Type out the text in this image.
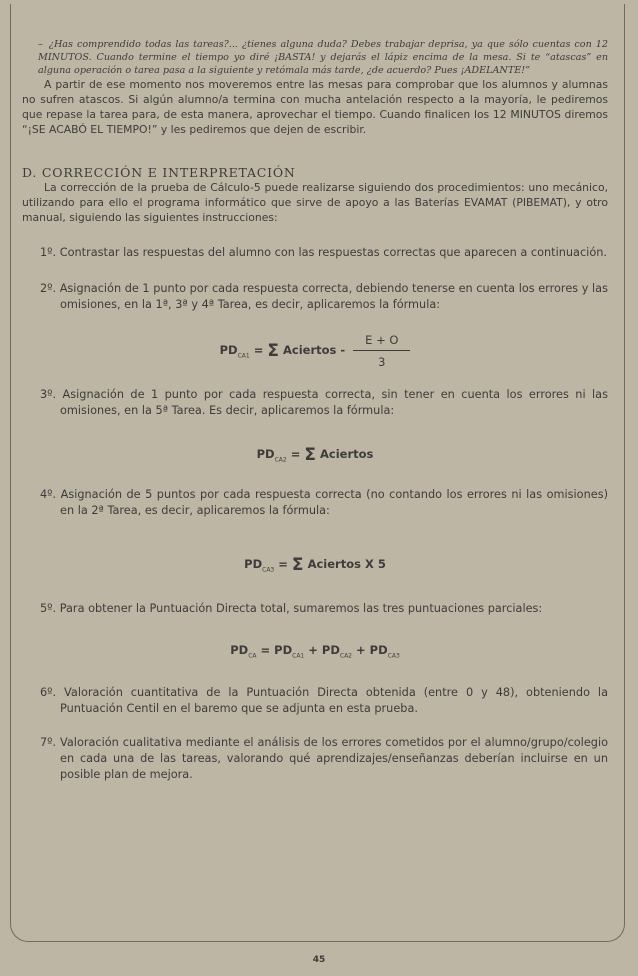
– ¿Has comprendido todas las tareas?... ¿tienes alguna duda? Debes trabajar deprisa, ya que sólo cuentas con 12 MINUTOS. Cuando termine el tiempo yo diré ¡BASTA! y dejarás el lápiz encima de la mesa. Si te “atascas” en alguna operación o tarea pasa a la siguiente y retómala más tarde, ¿de acuerdo? Pues ¡ADELANTE!”

A partir de ese momento nos moveremos entre las mesas para comprobar que los alumnos y alumnas no sufren atascos. Si algún alumno/a termina con mucha antelación respecto a la mayoría, le pediremos que repase la tarea para, de esta manera, aprovechar el tiempo. Cuando finalicen los 12 MINUTOS diremos “¡SE ACABÓ EL TIEMPO!” y les pediremos que dejen de escribir.

D. CORRECCIÓN E INTERPRETACIÓN

La corrección de la prueba de Cálculo-5 puede realizarse siguiendo dos procedimientos: uno mecánico, utilizando para ello el programa informático que sirve de apoyo a las Baterías EVAMAT (PIBEMAT), y otro manual, siguiendo las siguientes instrucciones:

1º. Contrastar las respuestas del alumno con las respuestas correctas que aparecen a continuación.

2º. Asignación de 1 punto por cada respuesta correcta, debiendo tenerse en cuenta los errores y las omisiones, en la 1ª, 3ª y 4ª Tarea, es decir, aplicaremos la fórmula:

$PD_{CA1} = \Sigma$ Aciertos - $\frac{E + O}{3}$

3º. Asignación de 1 punto por cada respuesta correcta, sin tener en cuenta los errores ni las omisiones, en la 5ª Tarea. Es decir, aplicaremos la fórmula:

$PD_{CA2} = \Sigma$ Aciertos

4º. Asignación de 5 puntos por cada respuesta correcta (no contando los errores ni las omisiones) en la 2ª Tarea, es decir, aplicaremos la fórmula:

$PD_{CA3} = \Sigma$ Aciertos X 5

5º. Para obtener la Puntuación Directa total, sumaremos las tres puntuaciones parciales:

$PD_{CA} = PD_{CA1} + PD_{CA2} + PD_{CA3}$

6º. Valoración cuantitativa de la Puntuación Directa obtenida (entre 0 y 48), obteniendo la Puntuación Centil en el baremo que se adjunta en esta prueba.

7º. Valoración cualitativa mediante el análisis de los errores cometidos por el alumno/grupo/colegio en cada una de las tareas, valorando qué aprendizajes/enseñanzas deberían incluirse en un posible plan de mejora.

45
